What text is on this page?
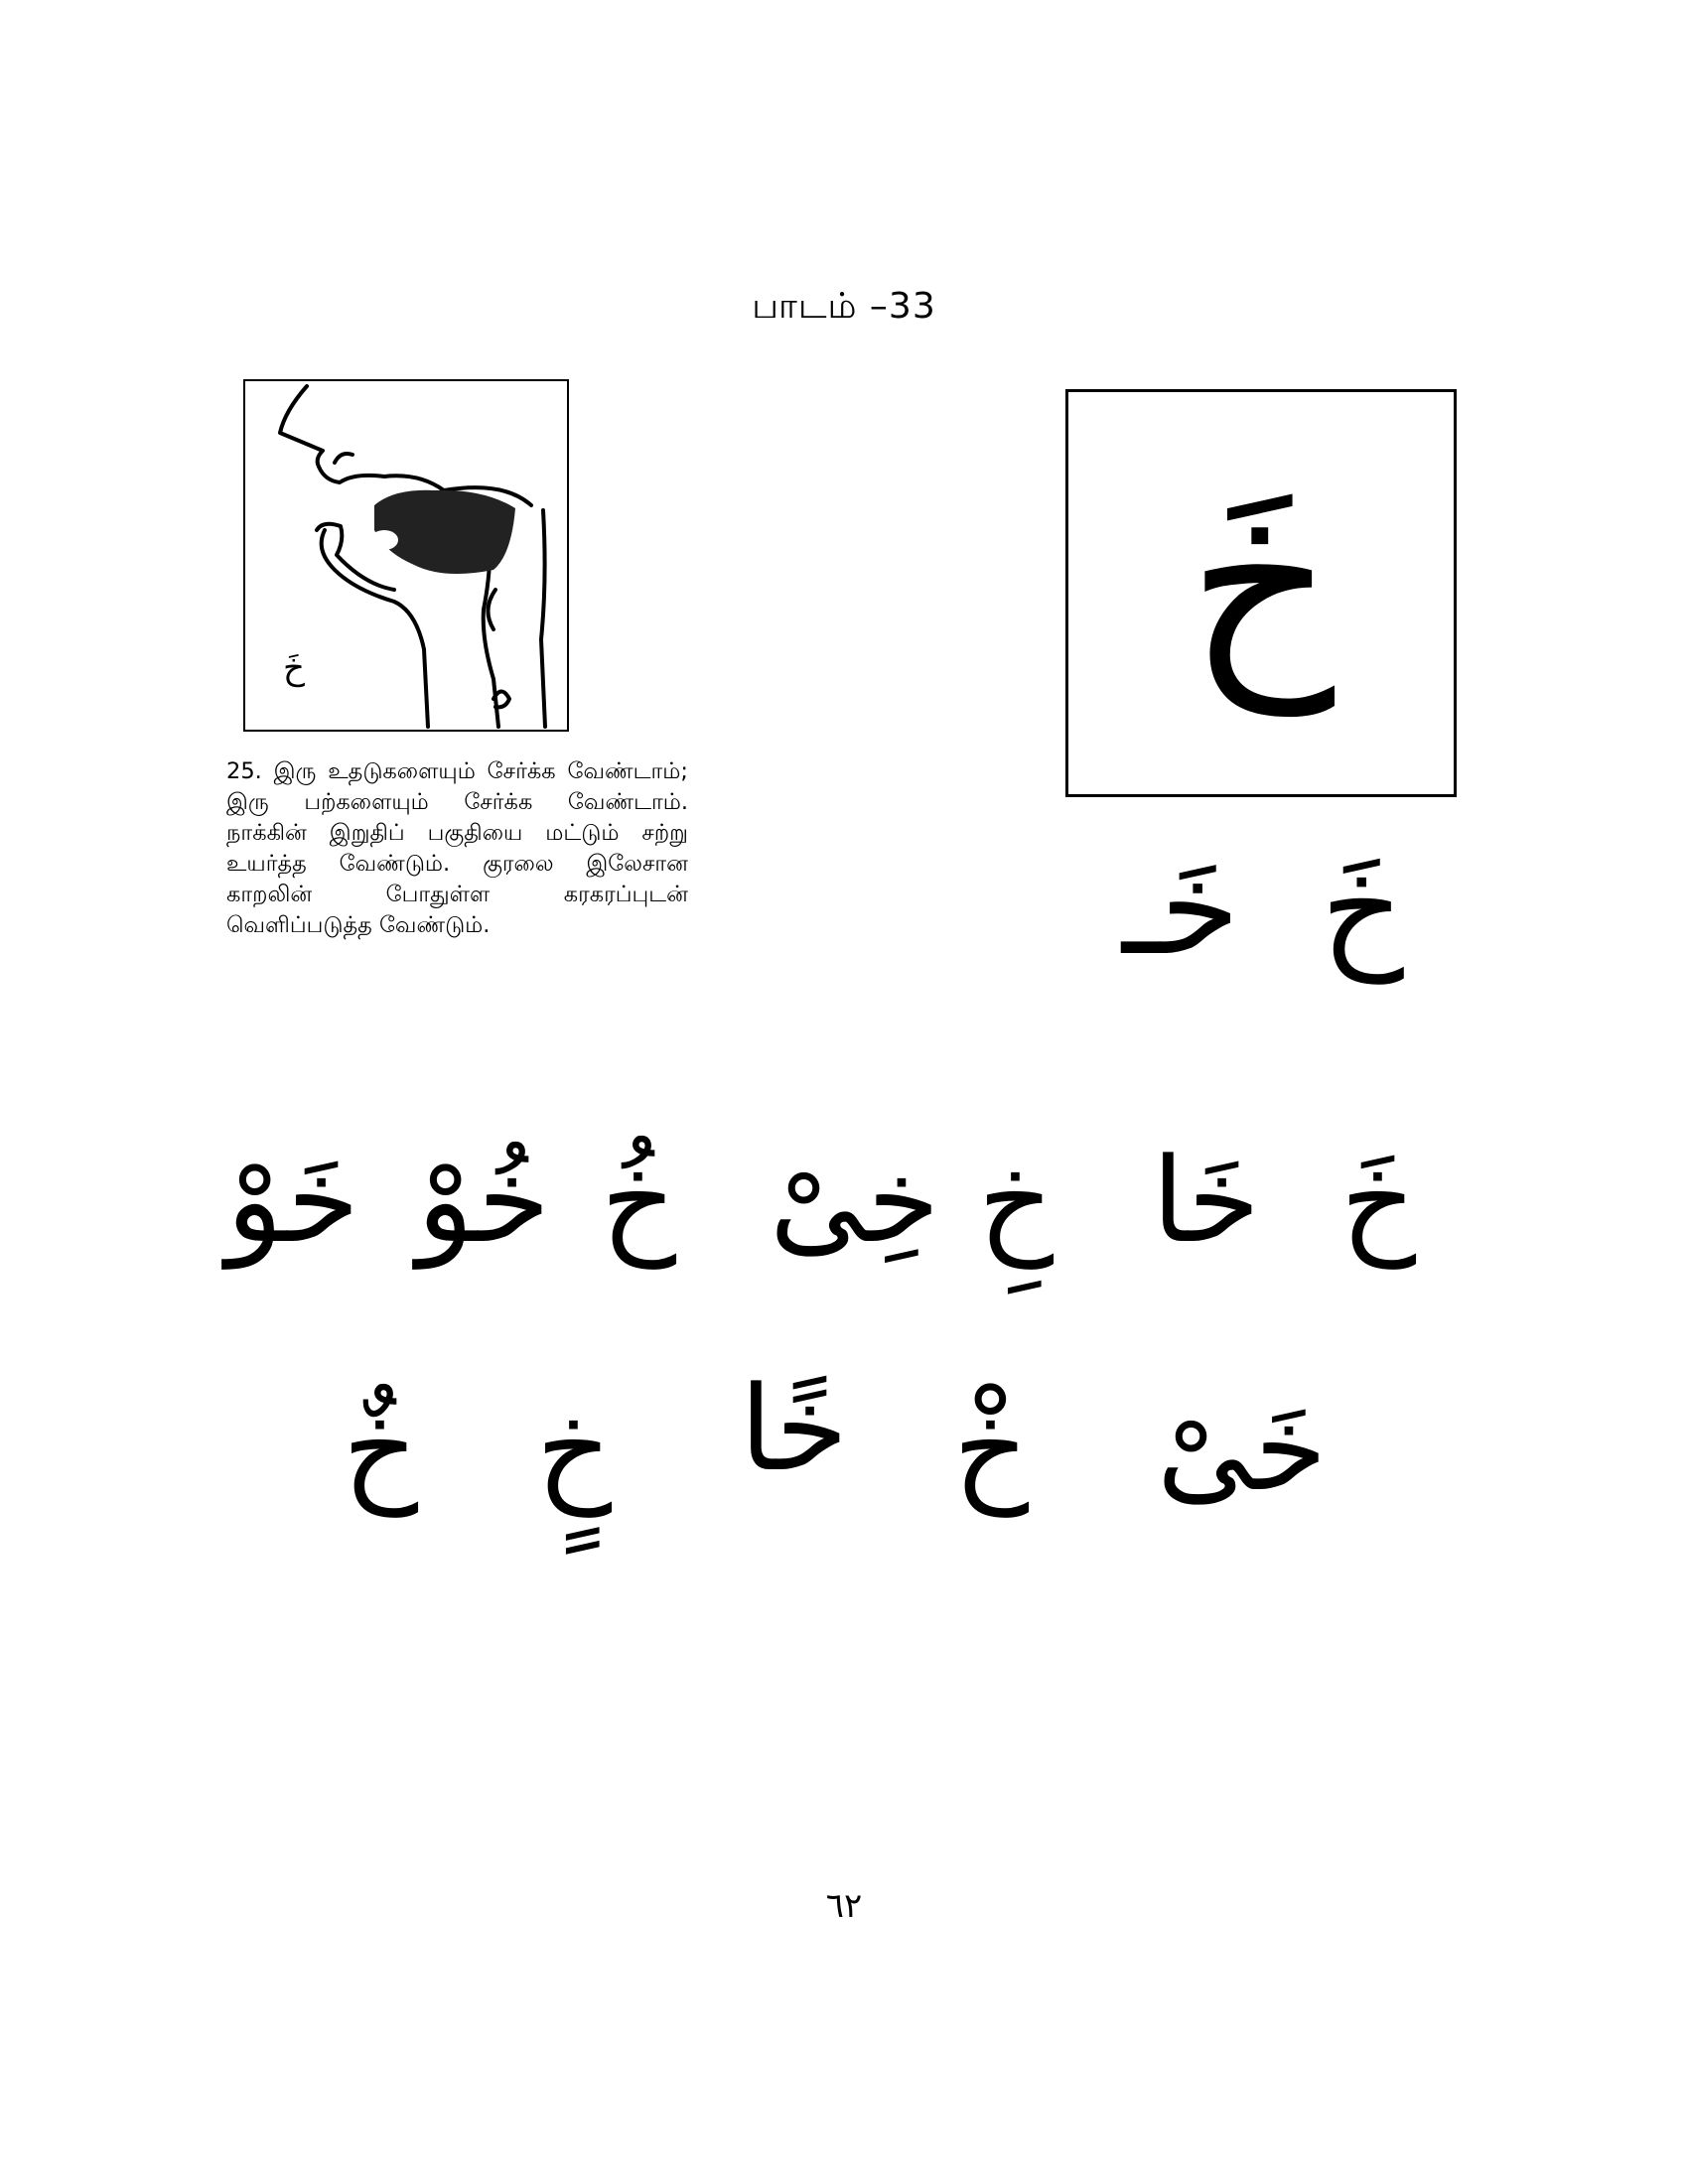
பாடம் –33
خَ
25. இரு உதடுகளையும் சேர்க்க வேண்டாம்; இரு பற்களையும் சேர்க்க வேண்டாம். நாக்கின் இறுதிப் பகுதியை மட்டும் சற்று உயர்த்த வேண்டும். குரலை இலேசான காறலின் போதுள்ள கரகரப்புடன் வெளிப்படுத்த வேண்டும்.
خَ
خَ
خَـ
خَ
خَا
خِ
خِىْ
خُ
خُوْ
خَوْ
خَىْ
خْ
خًا
خٍ
خٌ
٦٢
